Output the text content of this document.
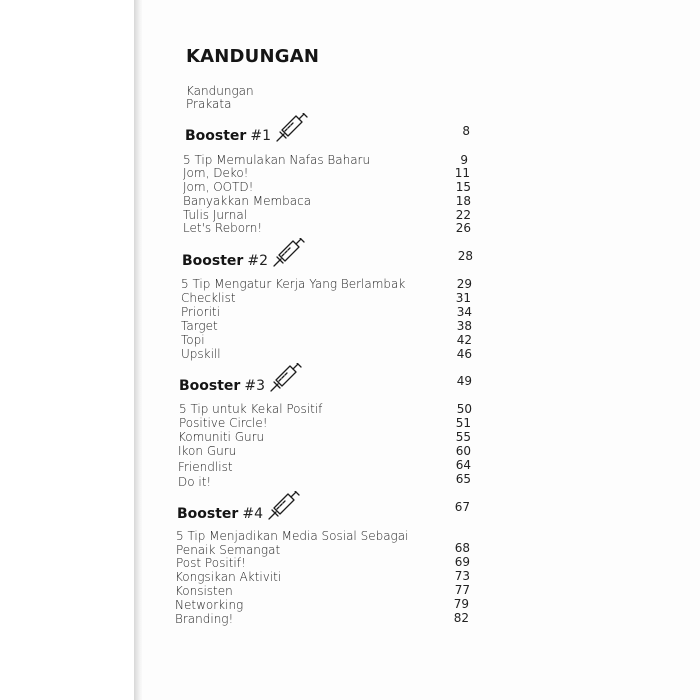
KANDUNGAN
Kandungan
Prakata
Booster #1	8
5 Tip Memulakan Nafas Baharu	9
Jom, Deko!	11
Jom, OOTD!	15
Banyakkan Membaca	18
Tulis Jurnal	22
Let's Reborn!	26
Booster #2	28
5 Tip Mengatur Kerja Yang Berlambak	29
Checklist	31
Prioriti	34
Target	38
Topi	42
Upskill	46
Booster #3	49
5 Tip untuk Kekal Positif	50
Positive Circle!	51
Komuniti Guru	55
Ikon Guru	60
Friendlist	64
Do it!	65
Booster #4	67
5 Tip Menjadikan Media Sosial Sebagai
Penaik Semangat	68
Post Positif!	69
Kongsikan Aktiviti	73
Konsisten	77
Networking	79
Branding!	82
